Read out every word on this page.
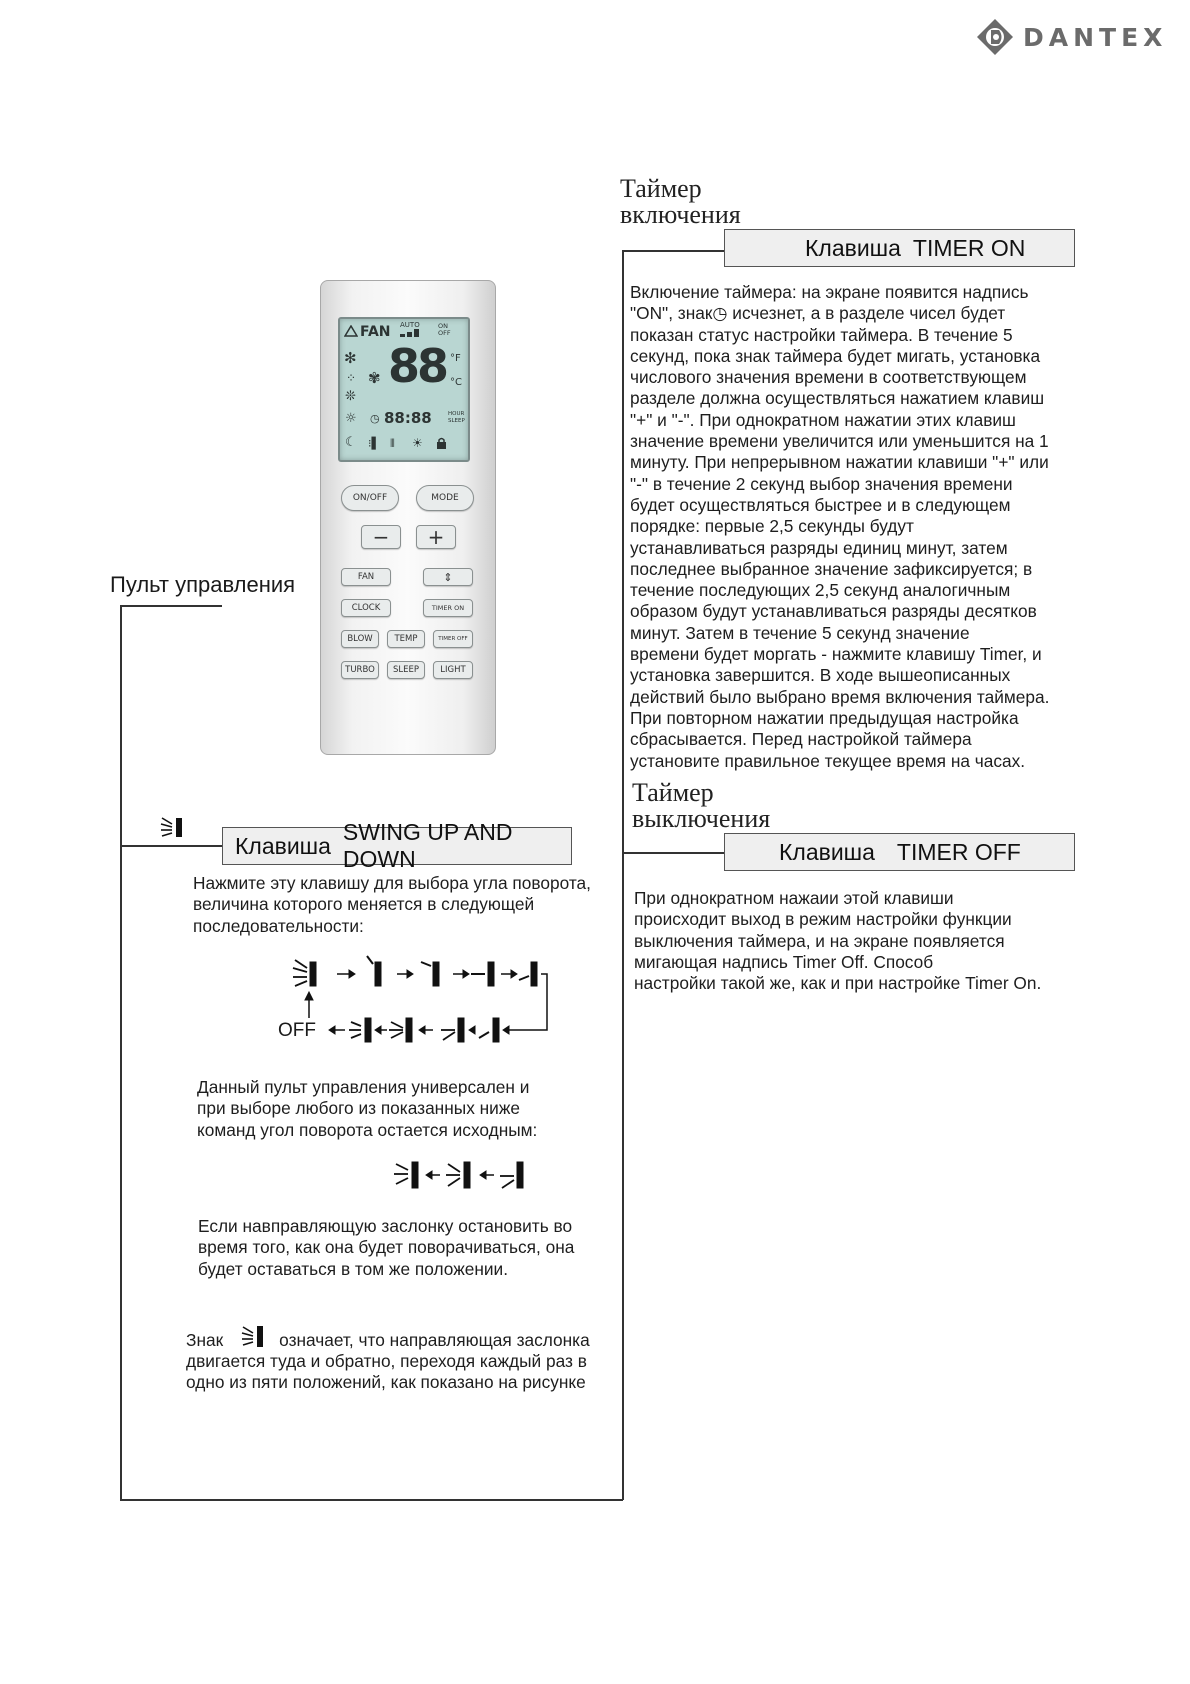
DANTEX
Таймер
включения
Клавиша TIMER ON
Включение таймера: на экране появится надпись
"ON", знак◷ исчезнет, а в разделе чисел будет
показан статус настройки таймера. В течение 5
секунд, пока знак таймера будет мигать, установка
числового значения времени в соответствующем
разделе должна осуществляться нажатием клавиш
"+" и "-". При однократном нажатии этих клавиш
значение времени увеличится или уменьшится на 1
минуту. При непрерывном нажатии клавиши "+" или
"-" в течение 2 секунд выбор значения времени
будет осуществляться быстрее и в следующем
порядке: первые 2,5 секунды будут
устанавливаться разряды единиц минут, затем
последнее выбранное значение зафиксируется; в
течение последующих 2,5 секунд аналогичным
образом будут устанавливаться разряды десятков
минут. Затем в течение 5 секунд значение
времени будет моргать - нажмите клавишу Timer, и
установка завершится. В ходе вышеописанных
действий было выбрано время включения таймера.
При повторном нажатии предыдущая настройка
сбрасывается. Перед настройкой таймера
установите правильное текущее время на часах.
Таймер
выключения
Клавиша TIMER OFF
При однократном нажаии этой клавиши
происходит выход в режим настройки функции
выключения таймера, и на экране появляется
мигающая надпись Timer Off. Способ
настройки такой же, как и при настройке Timer On.
Пульт управления
FAN AUTO	ON OFF
✻
⁘
❊
☼
☾
✾ 88 °F
°C
◷ 88:88	HOUR
SLEEP
⁝▌ ⦀ ☀
ON/OFF	MODE
−	+
FAN	⇕
CLOCK	TIMER ON
BLOW	TEMP	TIMER OFF
TURBO	SLEEP	LIGHT
Клавиша
SWING UP AND DOWN
Нажмите эту клавишу для выбора угла поворота,
величина которого меняется в следующей
последовательности:
OFF
Данный пульт управления универсален и
при выборе любого из показанных ниже
команд угол поворота остается исходным:
Если навправляющую заслонку остановить во
время того, как она будет поворачиваться, она
будет оставаться в том же положении.
Знак	означает, что направляющая заслонка
двигается туда и обратно, переходя каждый раз в
одно из пяти положений, как показано на рисунке
